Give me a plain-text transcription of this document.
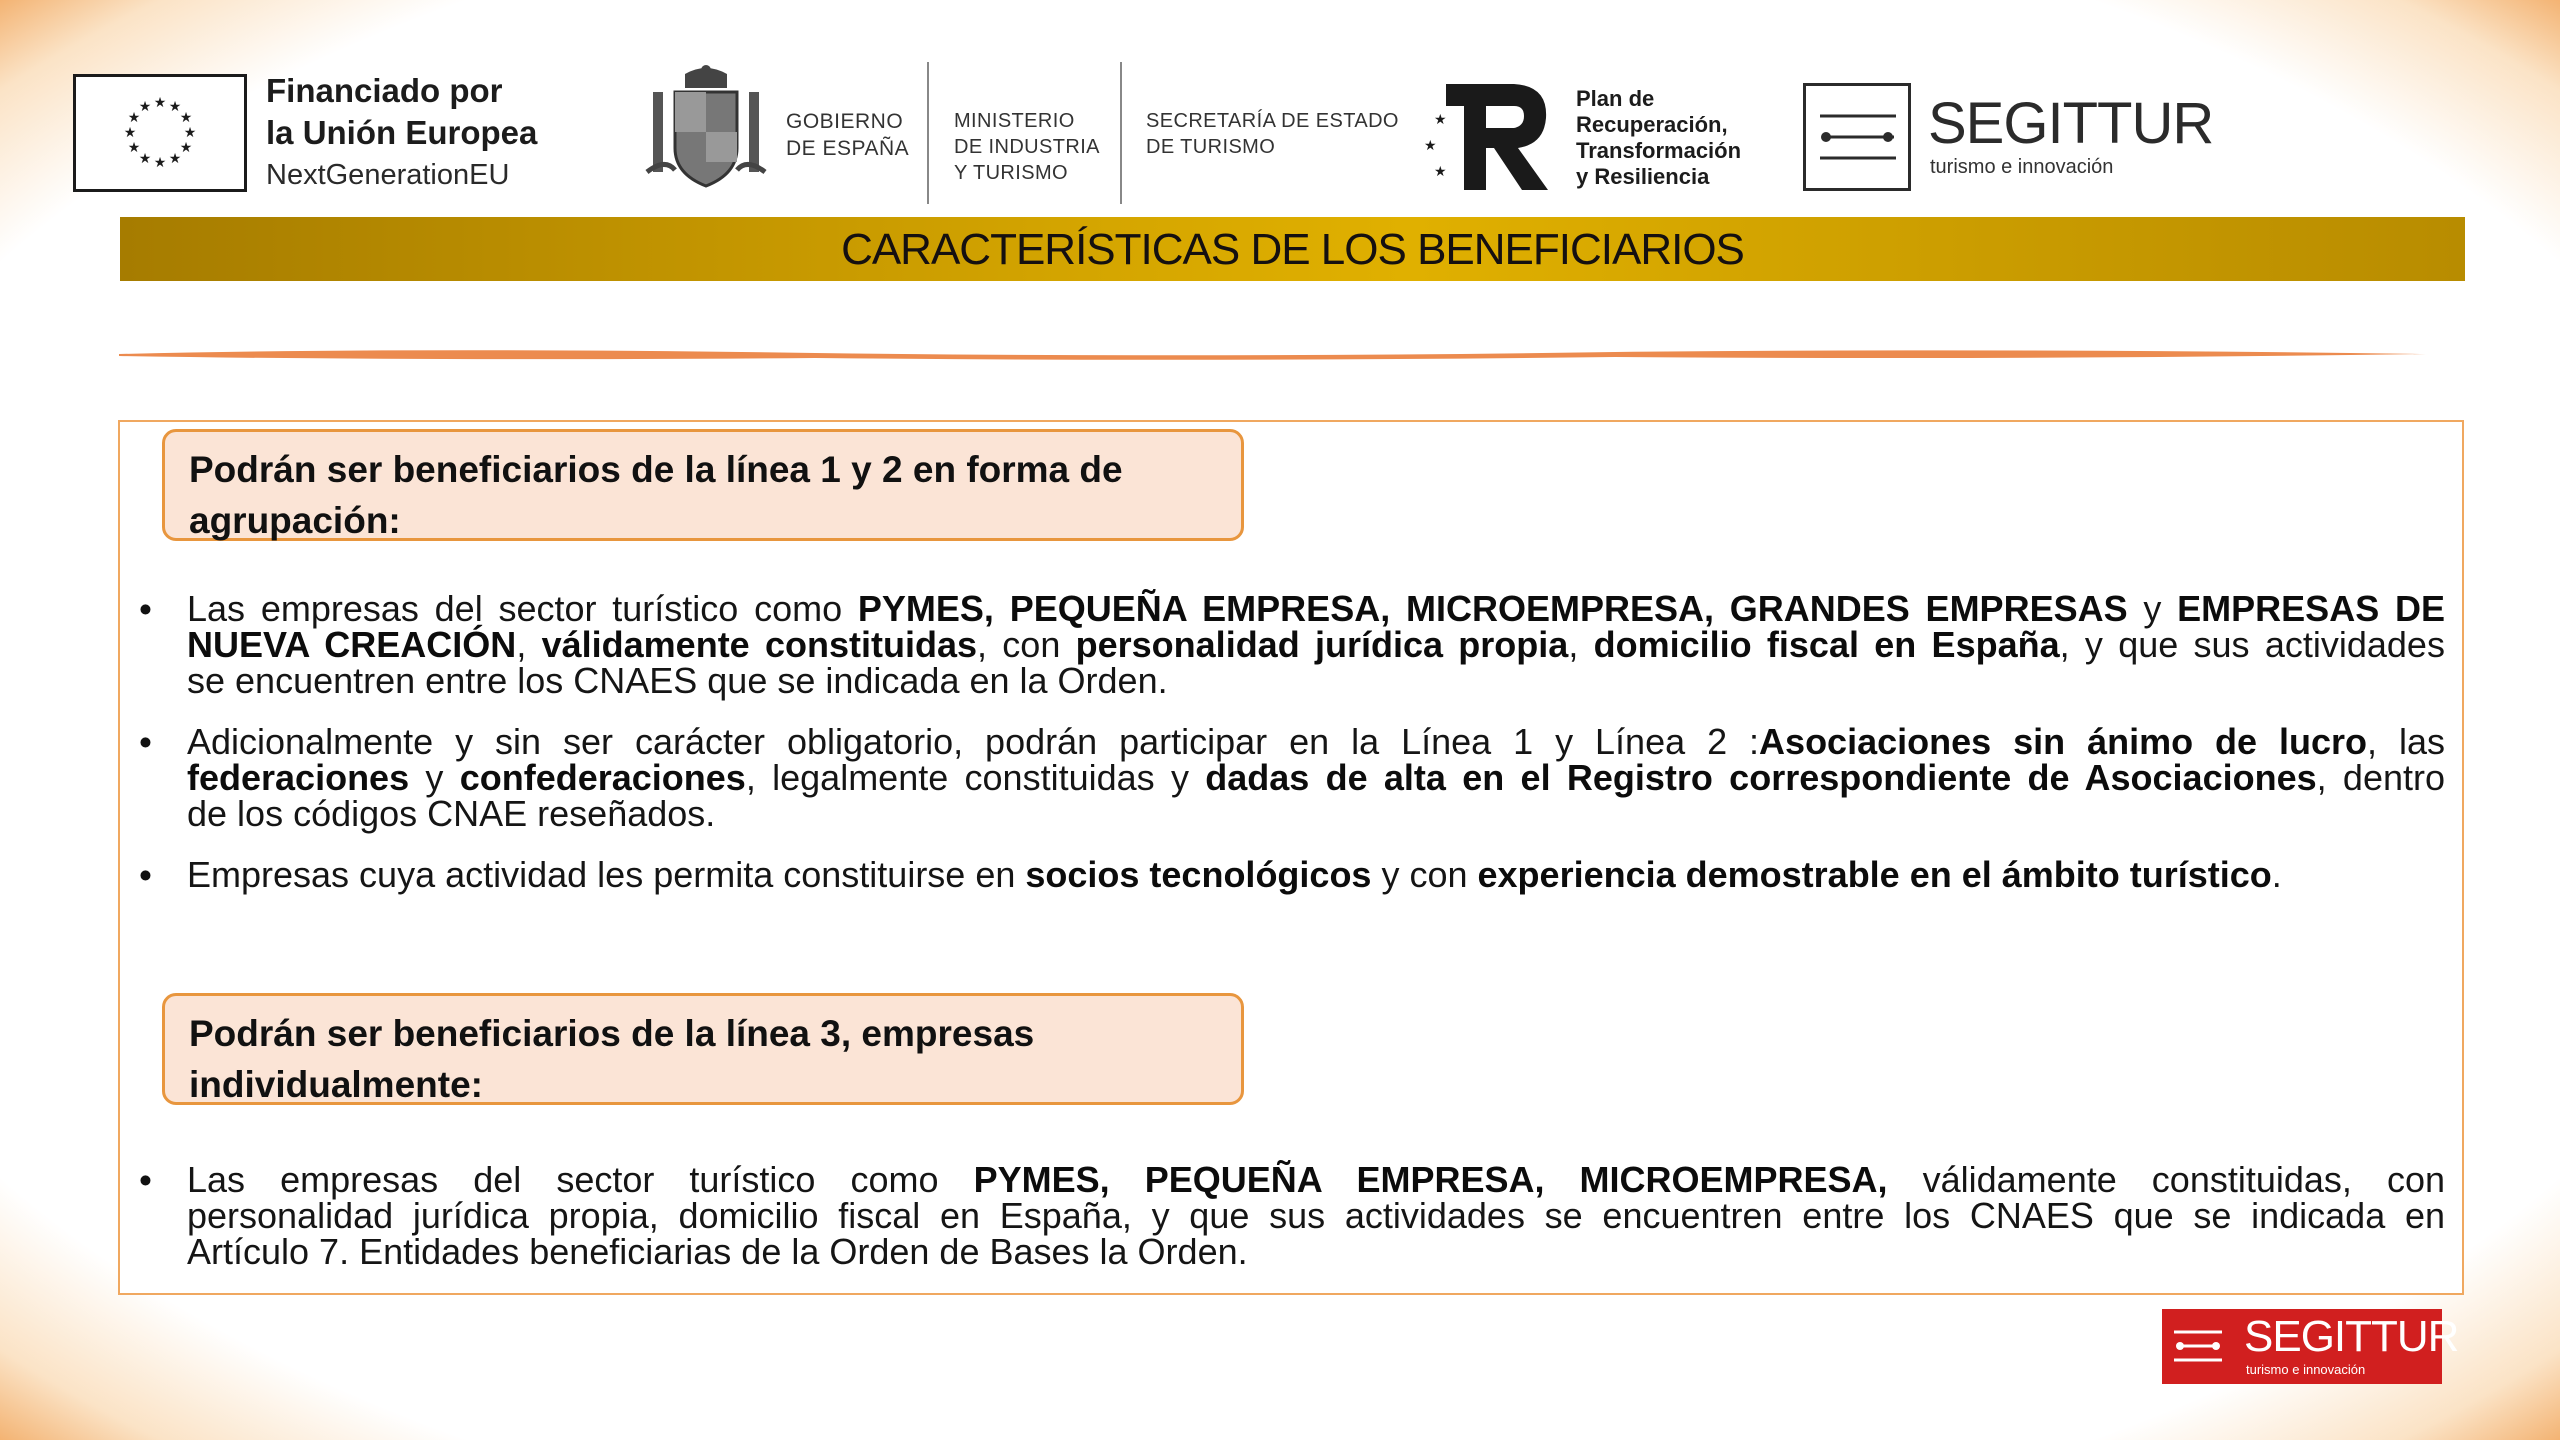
★ ★
★
★
★
★
★
★
★
★
★
★	Financiado por
la Unión Europea
NextGenerationEU
GOBIERNO
DE ESPAÑA
MINISTERIO
DE INDUSTRIA
Y TURISMO
SECRETARÍA DE ESTADO
DE TURISMO
★
★
★
Plan de
Recuperación,
Transformación
y Resiliencia
SEGITTUR
turismo e innovación
CARACTERÍSTICAS DE LOS BENEFICIARIOS
Podrán ser beneficiarios de la línea 1 y 2 en forma de
agrupación:
• Las empresas del sector turístico como PYMES, PEQUEÑA EMPRESA, MICROEMPRESA, GRANDES EMPRESAS y EMPRESAS DE
NUEVA CREACIÓN, válidamente constituidas, con personalidad jurídica propia, domicilio fiscal en España, y que sus actividades
se encuentren entre los CNAES que se indicada en la Orden.
• Adicionalmente y sin ser carácter obligatorio, podrán participar en la Línea 1 y Línea 2 :Asociaciones sin ánimo de lucro, las
federaciones y confederaciones, legalmente constituidas y dadas de alta en el Registro correspondiente de Asociaciones, dentro
de los códigos CNAE reseñados.
• Empresas cuya actividad les permita constituirse en socios tecnológicos y con experiencia demostrable en el ámbito turístico.
Podrán ser beneficiarios de la línea 3, empresas
individualmente:
• Las empresas del sector turístico como PYMES, PEQUEÑA EMPRESA, MICROEMPRESA, válidamente constituidas, con
personalidad jurídica propia, domicilio fiscal en España, y que sus actividades se encuentren entre los CNAES que se indicada en
Artículo 7. Entidades beneficiarias de la Orden de Bases la Orden.
SEGITTUR
turismo e innovación
